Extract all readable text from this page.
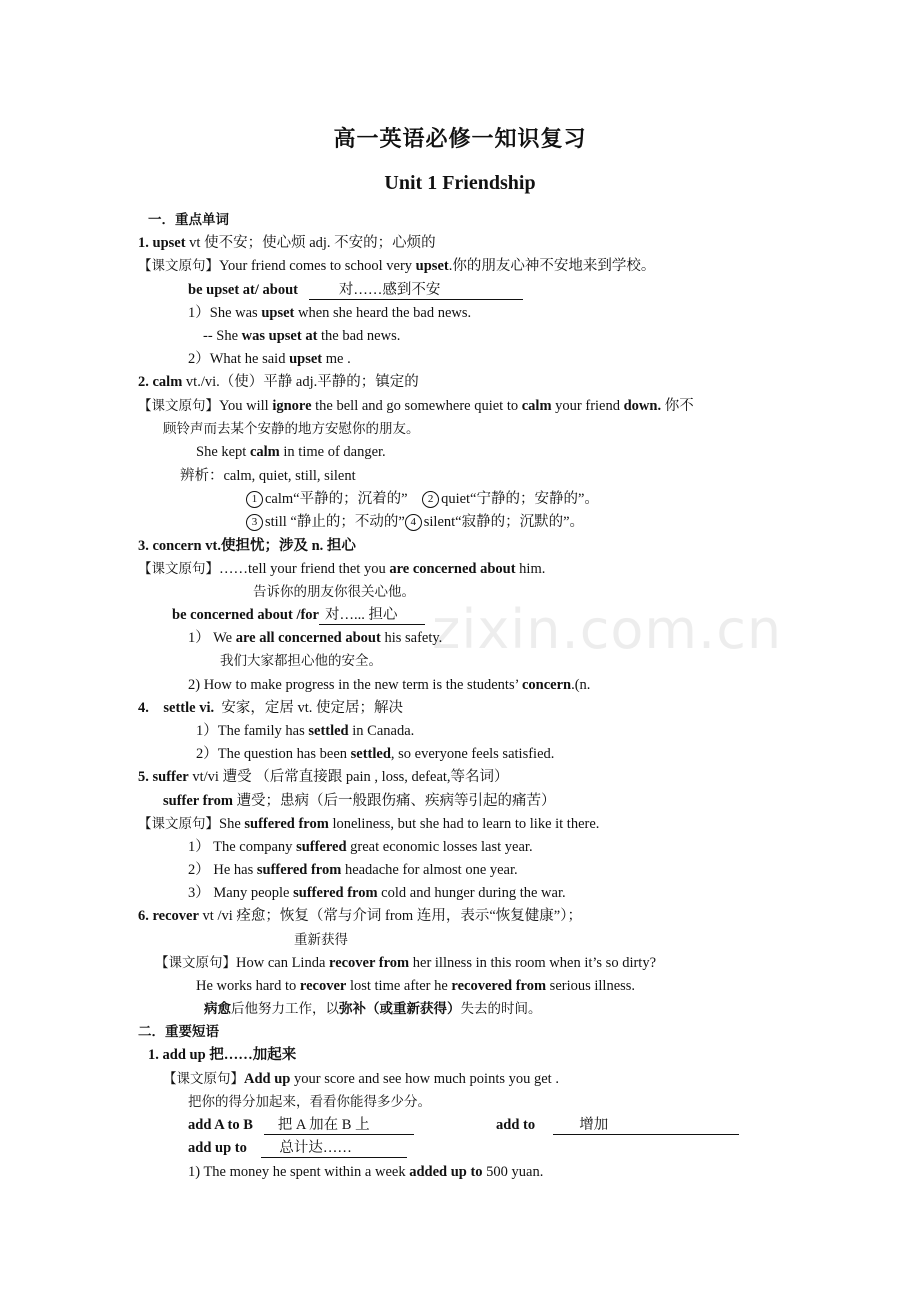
高一英语必修一知识复习
Unit 1 Friendship
zixin.com.cn
一．重点单词
1. upset vt 使不安；使心烦 adj. 不安的；心烦的
【课文原句】Your friend comes to school very upset.你的朋友心神不安地来到学校。
be upset at/ about	对……感到不安
1）She was upset when she heard the bad news.
-- She was upset at the bad news.
2）What he said upset me .
2. calm vt./vi.（使）平静 adj.平静的；镇定的
【课文原句】You will ignore the bell and go somewhere quiet to calm your friend down. 你不
顾铃声而去某个安静的地方安慰你的朋友。
She kept calm in time of danger.
辨析：calm, quiet, still, silent
1 calm“平静的；沉着的” 2 quiet“宁静的；安静的”。
3 still “静止的；不动的” 4 silent“寂静的；沉默的”。
3. concern vt.使担忧；涉及 n. 担心
【课文原句】……tell your friend thet you are concerned about him.
告诉你的朋友你很关心他。
be concerned about /for 对…... 担心
1） We are all concerned about his safety.
我们大家都担心他的安全。
2) How to make progress in the new term is the students’ concern.(n.
4. settle vi. 安家，定居 vt. 使定居；解决
1）The family has settled in Canada.
2）The question has been settled, so everyone feels satisfied.
5. suffer vt/vi 遭受 （后常直接跟 pain , loss, defeat,等名词）
suffer from 遭受；患病（后一般跟伤痛、疾病等引起的痛苦）
【课文原句】She suffered from loneliness, but she had to learn to like it there.
1） The company suffered great economic losses last year.
2） He has suffered from headache for almost one year.
3） Many people suffered from cold and hunger during the war.
6. recover vt /vi 痊愈；恢复（常与介词 from 连用，表示“恢复健康”）；
重新获得
【课文原句】How can Linda recover from her illness in this room when it’s so dirty?
He works hard to recover lost time after he recovered from serious illness.
病愈后他努力工作，以弥补（或重新获得）失去的时间。
二．重要短语
1. add up 把……加起来
【课文原句】Add up your score and see how much points you get .
把你的得分加起来，看看你能得多少分。
add A to B 把 A 加在 B 上	add to	增加
add up to 总计达……
1) The money he spent within a week added up to 500 yuan.
